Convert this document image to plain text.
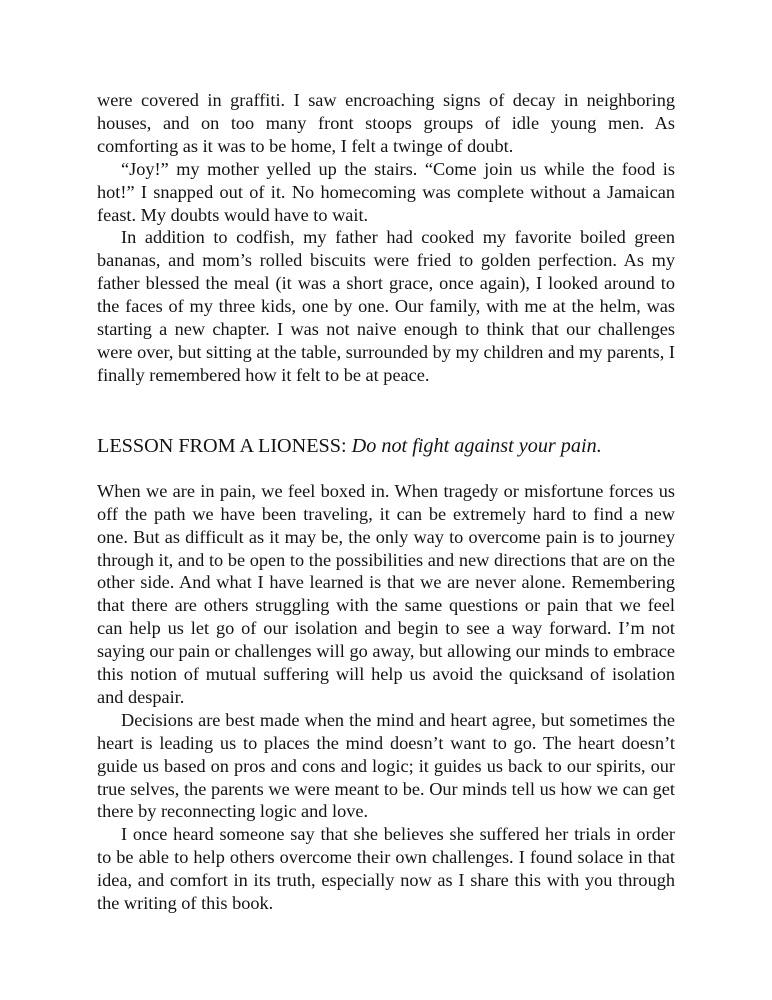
were covered in graffiti. I saw encroaching signs of decay in neighboring houses, and on too many front stoops groups of idle young men. As comforting as it was to be home, I felt a twinge of doubt.

“Joy!” my mother yelled up the stairs. “Come join us while the food is hot!” I snapped out of it. No homecoming was complete without a Jamaican feast. My doubts would have to wait.

In addition to codfish, my father had cooked my favorite boiled green bananas, and mom’s rolled biscuits were fried to golden perfection. As my father blessed the meal (it was a short grace, once again), I looked around to the faces of my three kids, one by one. Our family, with me at the helm, was starting a new chapter. I was not naive enough to think that our challenges were over, but sitting at the table, surrounded by my children and my parents, I finally remembered how it felt to be at peace.

LESSON FROM A LIONESS: Do not fight against your pain.

When we are in pain, we feel boxed in. When tragedy or misfortune forces us off the path we have been traveling, it can be extremely hard to find a new one. But as difficult as it may be, the only way to overcome pain is to journey through it, and to be open to the possibilities and new directions that are on the other side. And what I have learned is that we are never alone. Remembering that there are others struggling with the same questions or pain that we feel can help us let go of our isolation and begin to see a way forward. I’m not saying our pain or challenges will go away, but allowing our minds to embrace this notion of mutual suffering will help us avoid the quicksand of isolation and despair.

Decisions are best made when the mind and heart agree, but sometimes the heart is leading us to places the mind doesn’t want to go. The heart doesn’t guide us based on pros and cons and logic; it guides us back to our spirits, our true selves, the parents we were meant to be. Our minds tell us how we can get there by reconnecting logic and love.

I once heard someone say that she believes she suffered her trials in order to be able to help others overcome their own challenges. I found solace in that idea, and comfort in its truth, especially now as I share this with you through the writing of this book.
